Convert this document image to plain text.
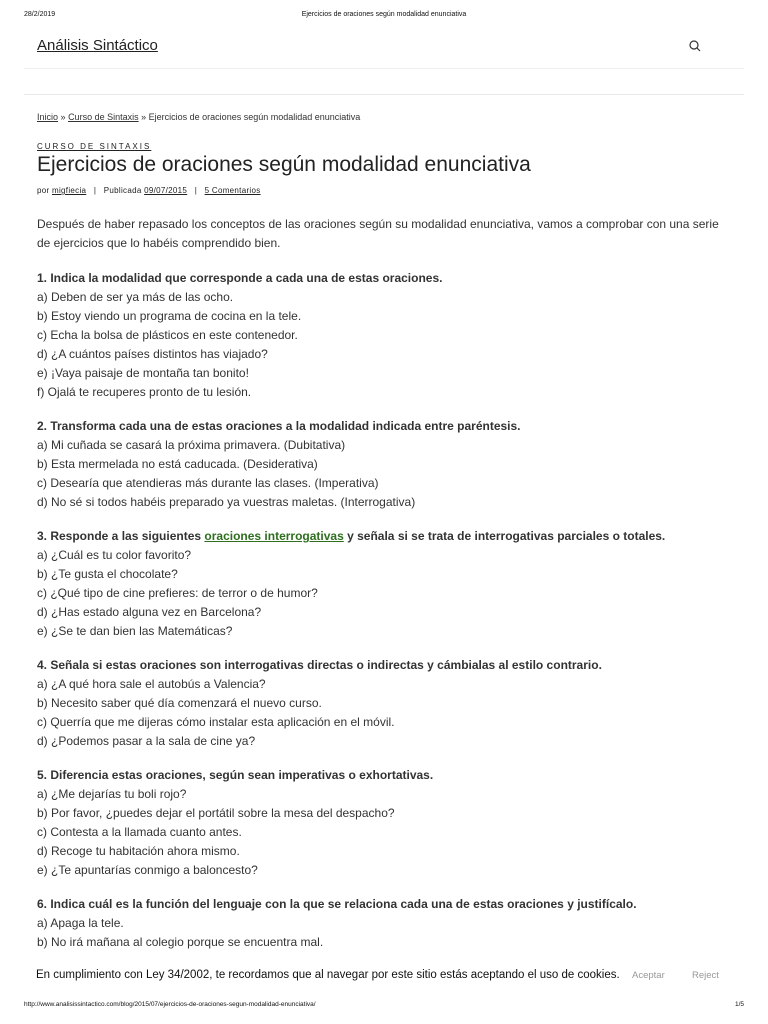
28/2/2019	Ejercicios de oraciones según modalidad enunciativa
Análisis Sintáctico
Inicio » Curso de Sintaxis » Ejercicios de oraciones según modalidad enunciativa
CURSO DE SINTAXIS
Ejercicios de oraciones según modalidad enunciativa
por migfiecia | Publicada 09/07/2015 | 5 Comentarios

Después de haber repasado los conceptos de las oraciones según su modalidad enunciativa, vamos a comprobar con una serie de ejercicios que lo habéis comprendido bien.

1. Indica la modalidad que corresponde a cada una de estas oraciones.

a) Deben de ser ya más de las ocho.
b) Estoy viendo un programa de cocina en la tele.
c) Echa la bolsa de plásticos en este contenedor.
d) ¿A cuántos países distintos has viajado?
e) ¡Vaya paisaje de montaña tan bonito!
f) Ojalá te recuperes pronto de tu lesión.

2. Transforma cada una de estas oraciones a la modalidad indicada entre paréntesis.

a) Mi cuñada se casará la próxima primavera. (Dubitativa)
b) Esta mermelada no está caducada. (Desiderativa)
c) Desearía que atendieras más durante las clases. (Imperativa)
d) No sé si todos habéis preparado ya vuestras maletas. (Interrogativa)

3. Responde a las siguientes oraciones interrogativas y señala si se trata de interrogativas parciales o totales.

a) ¿Cuál es tu color favorito?
b) ¿Te gusta el chocolate?
c) ¿Qué tipo de cine prefieres: de terror o de humor?
d) ¿Has estado alguna vez en Barcelona?
e) ¿Se te dan bien las Matemáticas?

4. Señala si estas oraciones son interrogativas directas o indirectas y cámbialas al estilo contrario.

a) ¿A qué hora sale el autobús a Valencia?
b) Necesito saber qué día comenzará el nuevo curso.
c) Querría que me dijeras cómo instalar esta aplicación en el móvil.
d) ¿Podemos pasar a la sala de cine ya?

5. Diferencia estas oraciones, según sean imperativas o exhortativas.

a) ¿Me dejarías tu boli rojo?
b) Por favor, ¿puedes dejar el portátil sobre la mesa del despacho?
c) Contesta a la llamada cuanto antes.
d) Recoge tu habitación ahora mismo.
e) ¿Te apuntarías conmigo a baloncesto?

6. Indica cuál es la función del lenguaje con la que se relaciona cada una de estas oraciones y justifícalo.

a) Apaga la tele.
b) No irá mañana al colegio porque se encuentra mal.
En cumplimiento con Ley 34/2002, te recordamos que al navegar por este sitio estás aceptando el uso de cookies. Aceptar	Reject
http://www.analisissintactico.com/blog/2015/07/ejercicios-de-oraciones-segun-modalidad-enunciativa/	1/5
